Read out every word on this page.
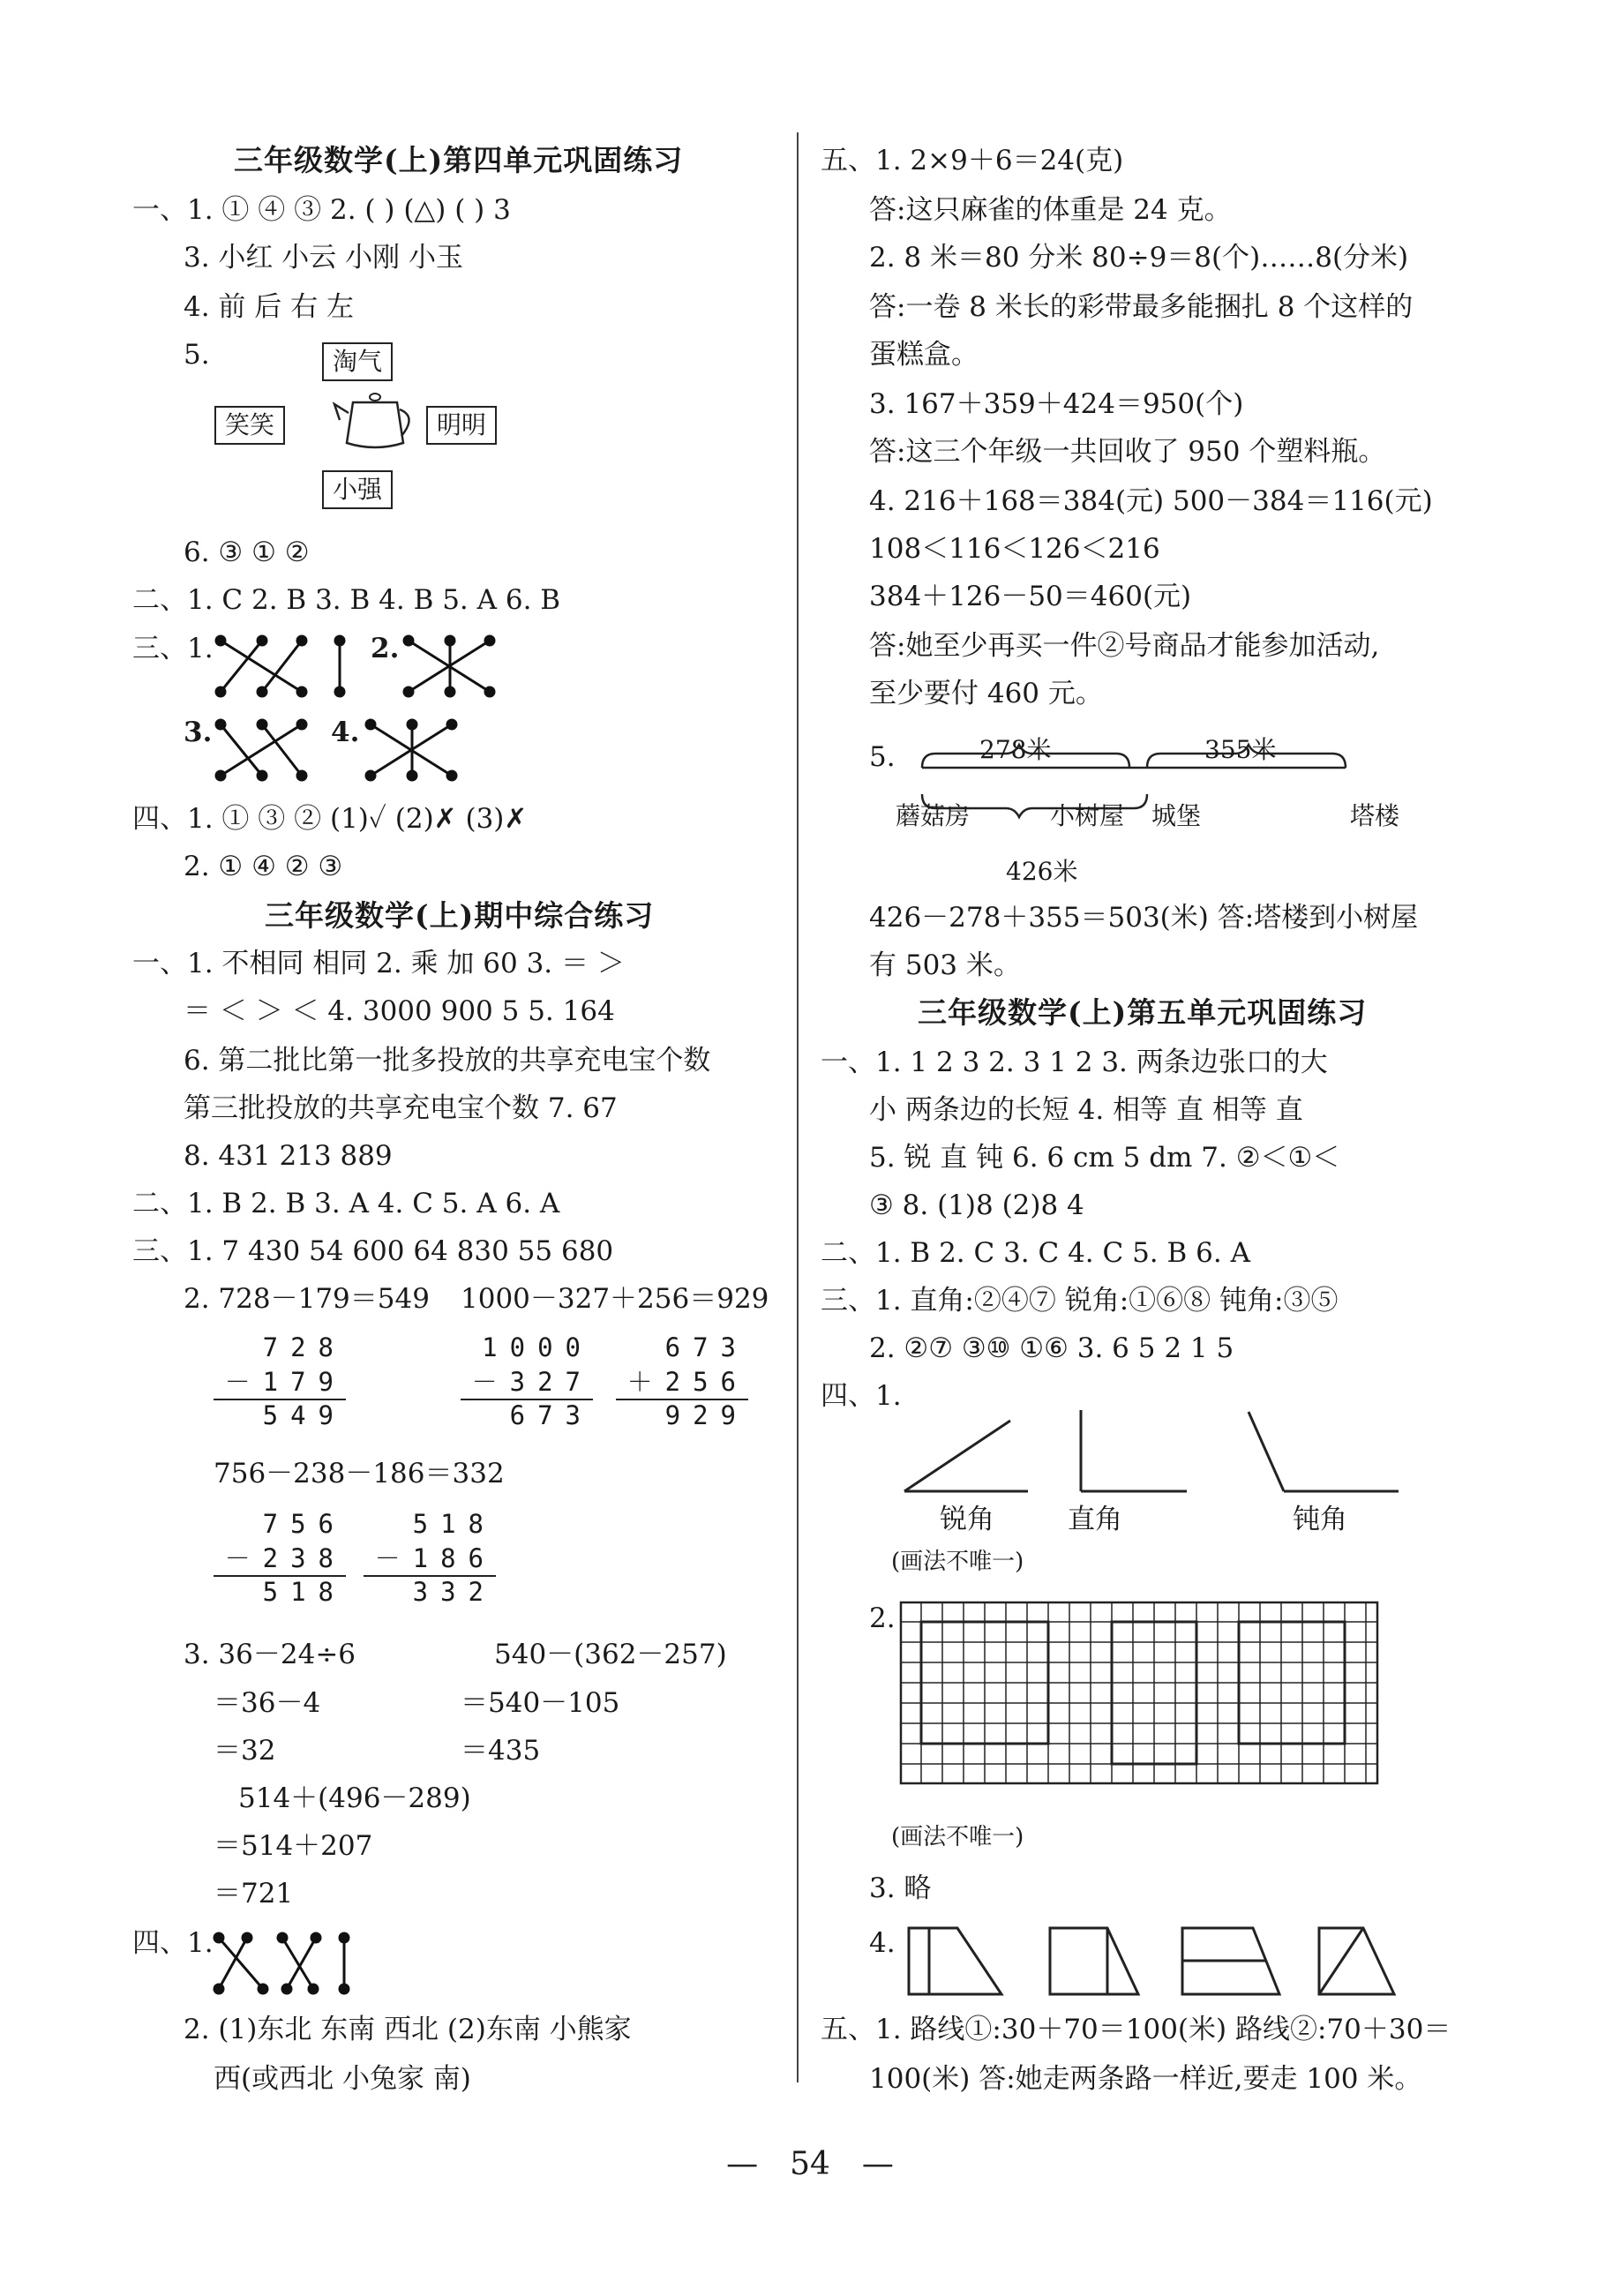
三年级数学(上)第四单元巩固练习
一、1. ① ④ ③ 2. ( ) (△) ( ) 3
3. 小红 小云 小刚 小玉
4. 前 后 右 左
5.	淘气
笑笑	明明
小强
6. ③ ① ②
二、1. C 2. B 3. B 4. B 5. A 6. B
三、1.	2.
3.	4.
四、1. ① ③ ② (1)✓ (2)✗ (3)✗
2. ① ④ ② ③
三年级数学(上)期中综合练习
一、1. 不相同 相同 2. 乘 加 60 3. ＝ ＞
＝ ＜ ＞ ＜ 4. 3000 900 5 5. 164
6. 第二批比第一批多投放的共享充电宝个数
第三批投放的共享充电宝个数 7. 67
8. 431 213 889
二、1. B 2. B 3. A 4. C 5. A 6. A
三、1. 7 430 54 600 64 830 55 680
2. 728－179＝549 1000－327＋256＝929
728
－179
549
1000
－327
673
673
＋256
929
756－238－186＝332
756
－238
518
518
－186
332
3. 36－24÷6	540－(362－257)
＝36－4	＝540－105
＝32	＝435
514＋(496－289)
＝514＋207
＝721
四、1.
2. (1)东北 东南 西北 (2)东南 小熊家
西(或西北 小兔家 南)
五、1. 2×9＋6＝24(克)
答:这只麻雀的体重是 24 克。
2. 8 米＝80 分米 80÷9＝8(个)……8(分米)
答:一卷 8 米长的彩带最多能捆扎 8 个这样的
蛋糕盒。
3. 167＋359＋424＝950(个)
答:这三个年级一共回收了 950 个塑料瓶。
4. 216＋168＝384(元) 500－384＝116(元)
108＜116＜126＜216
384＋126－50＝460(元)
答:她至少再买一件②号商品才能参加活动,
至少要付 460 元。
5.	278米	355米
蘑菇房	小树屋 城堡	塔楼
426米
426－278＋355＝503(米) 答:塔楼到小树屋
有 503 米。
三年级数学(上)第五单元巩固练习
一、1. 1 2 3 2. 3 1 2 3. 两条边张口的大
小 两条边的长短 4. 相等 直 相等 直
5. 锐 直 钝 6. 6 cm 5 dm 7. ②＜①＜
③ 8. (1)8 (2)8 4
二、1. B 2. C 3. C 4. C 5. B 6. A
三、1. 直角:②④⑦ 锐角:①⑥⑧ 钝角:③⑤
2. ②⑦ ③⑩ ①⑥ 3. 6 5 2 1 5
四、1.
锐角	直角	钝角
(画法不唯一)
2.
(画法不唯一)
3. 略
4.
五、1. 路线①:30＋70＝100(米) 路线②:70＋30＝
100(米) 答:她走两条路一样近,要走 100 米。
— 54 —
